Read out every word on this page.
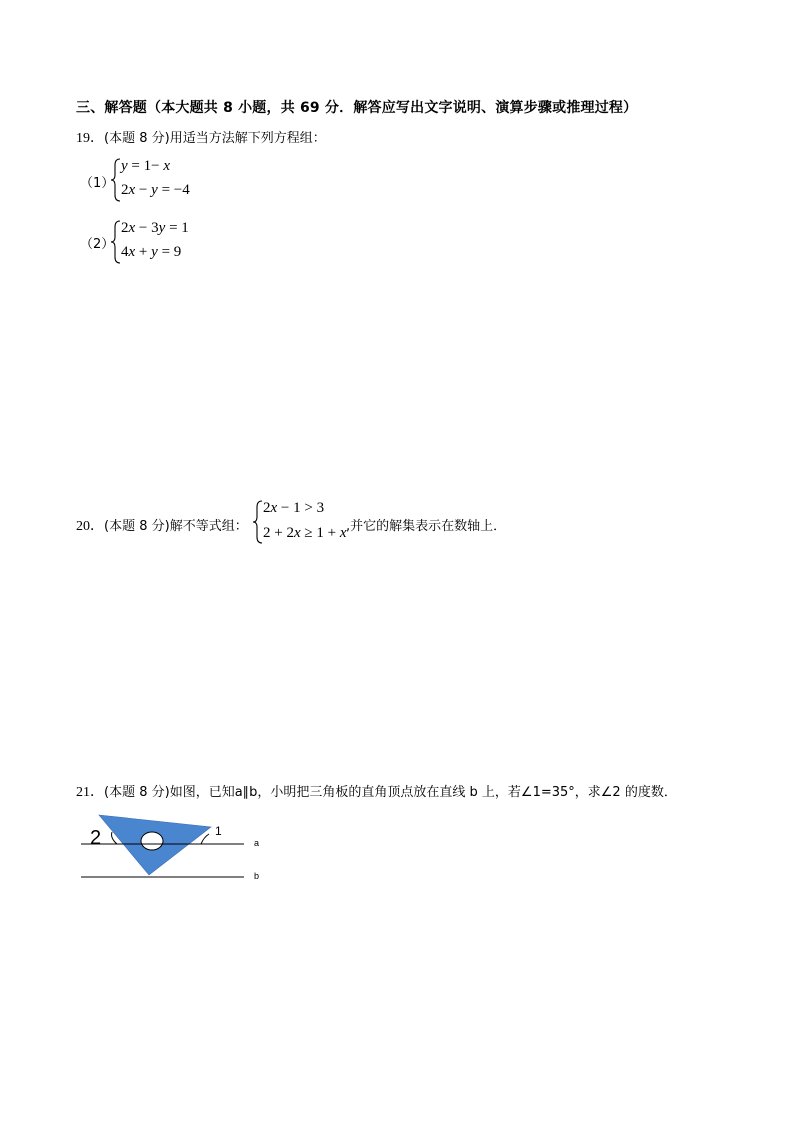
三、解答题（本大题共 8 小题，共 69 分．解答应写出文字说明、演算步骤或推理过程）
19．(本题 8 分)用适当方法解下列方程组：
（1）
y = 1− x
2x − y = −4
（2）
2x − 3y = 1
4x + y = 9
20．(本题 8 分)解不等式组：
2x − 1 > 3
2 + 2x ≥ 1 + x ,并它的解集表示在数轴上．
21．(本题 8 分)如图，已知a∥b，小明把三角板的直角顶点放在直线 b 上，若∠1=35°，求∠2 的度数．
2	1
a
b
